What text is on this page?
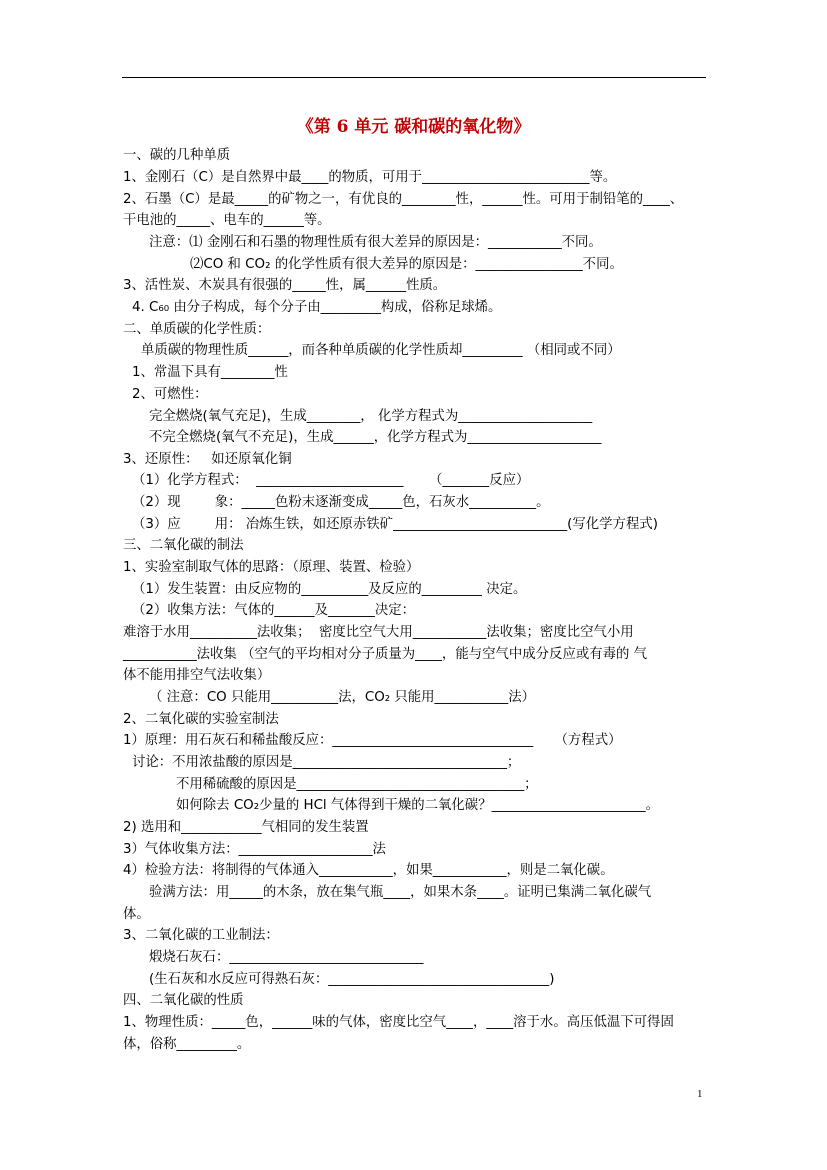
《第 6 单元 碳和碳的氧化物》
一、碳的几种单质
1、金刚石（C）是自然界中最____的物质，可用于_________________________等。
2、石墨（C）是最_____的矿物之一，有优良的________性，______性。可用于制铅笔的____、
干电池的_____、电车的______等。
注意：⑴ 金刚石和石墨的物理性质有很大差异的原因是：___________不同。
⑵CO 和 CO₂ 的化学性质有很大差异的原因是：________________不同。
3、活性炭、木炭具有很强的_____性，属______性质。
4. C₆₀ 由分子构成，每个分子由_________构成，俗称足球烯。
二、单质碳的化学性质：
单质碳的物理性质______，而各种单质碳的化学性质却_________ （相同或不同）
1、常温下具有________性
2、可燃性：
完全燃烧(氧气充足)，生成________， 化学方程式为____________________
不完全燃烧(氧气不充足)，生成______，化学方程式为____________________
3、还原性：   如还原氧化铜
（1）化学方程式：  ______________________      （_______反应）
（2）现        象：_____色粉末逐渐变成_____色，石灰水__________。
（3）应        用： 冶炼生铁，如还原赤铁矿__________________________(写化学方程式)
三、二氧化碳的制法
1、实验室制取气体的思路：（原理、装置、检验）
（1）发生装置：由反应物的__________及反应的_________ 决定。
（2）收集方法：气体的______及_______决定：
难溶于水用__________法收集；  密度比空气大用___________法收集；密度比空气小用
___________法收集 （空气的平均相对分子质量为____，能与空气中成分反应或有毒的 气
体不能用排空气法收集）
（ 注意：CO 只能用__________法，CO₂ 只能用___________法）
2、二氧化碳的实验室制法
1）原理：用石灰石和稀盐酸反应：______________________________     （方程式）
讨论：不用浓盐酸的原因是________________________________；
不用稀硫酸的原因是__________________________________；
如何除去 CO₂少量的 HCl 气体得到干燥的二氧化碳？_______________________。
2) 选用和____________气相同的发生装置
3）气体收集方法：____________________法
4）检验方法：将制得的气体通入___________，如果___________，则是二氧化碳。
验满方法：用_____的木条，放在集气瓶____，如果木条____。证明已集满二氧化碳气
体。
3、二氧化碳的工业制法：
煅烧石灰石：_____________________________
(生石灰和水反应可得熟石灰：_________________________________)
四、二氧化碳的性质
1、物理性质：_____色，______味的气体，密度比空气____，____溶于水。高压低温下可得固
体，俗称_________。
1
